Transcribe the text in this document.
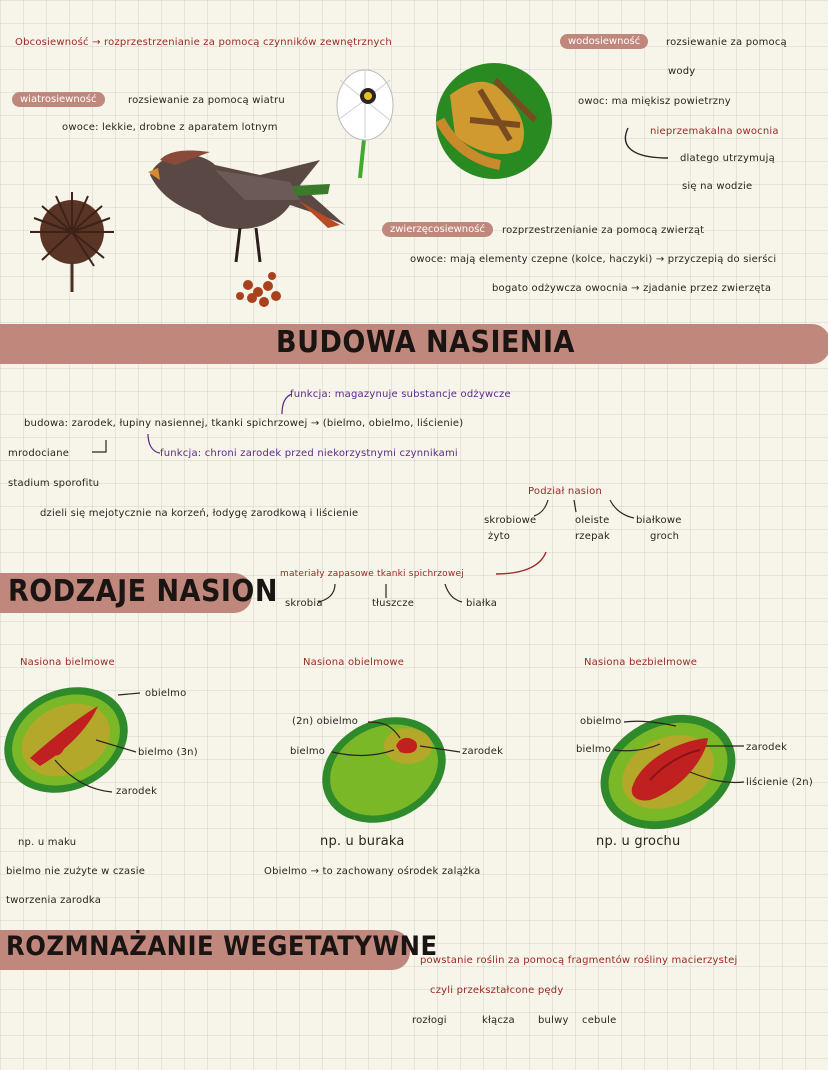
Obcosiewność → rozprzestrzenianie za pomocą czynników zewnętrznych	wodosiewność	rozsiewanie za pomocą
wody
owoc: ma miękisz powietrzny
nieprzemakalna owocnia
dlatego utrzymują
się na wodzie
wiatrosiewność	rozsiewanie za pomocą wiatru
owoce: lekkie, drobne z aparatem lotnym
zwierzęcosiewność	rozprzestrzenianie za pomocą zwierząt
owoce: mają elementy czepne (kolce, haczyki) → przyczepią do sierści
bogato odżywcza owocnia → zjadanie przez zwierzęta
BUDOWA NASIENIA
funkcja: magazynuje substancje odżywcze
budowa: zarodek, łupiny nasiennej, tkanki spichrzowej → (bielmo, obielmo, liścienie)
mrodociane	funkcja: chroni zarodek przed niekorzystnymi czynnikami
stadium sporofitu
dzieli się mejotycznie na korzeń, łodygę zarodkową i liścienie
Podział nasion
skrobiowe
żyto
oleiste
rzepak
białkowe
groch
RODZAJE NASION materiały zapasowe tkanki spichrzowej
skrobia	tłuszcze	białka
Nasiona bielmowe	Nasiona obielmowe	Nasiona bezbielmowe
obielmo
bielmo (3n)
zarodek
np. u maku
bielmo nie zużyte w czasie
tworzenia zarodka
(2n) obielmo
bielmo	zarodek
np. u buraka
Obielmo → to zachowany ośrodek zalążka
obielmo
bielmo	zarodek
liścienie (2n)
np. u grochu
ROZMNAŻANIE WEGETATYWNE
powstanie roślin za pomocą fragmentów rośliny macierzystej
czyli przekształcone pędy
rozłogi	kłącza bulwy cebule
